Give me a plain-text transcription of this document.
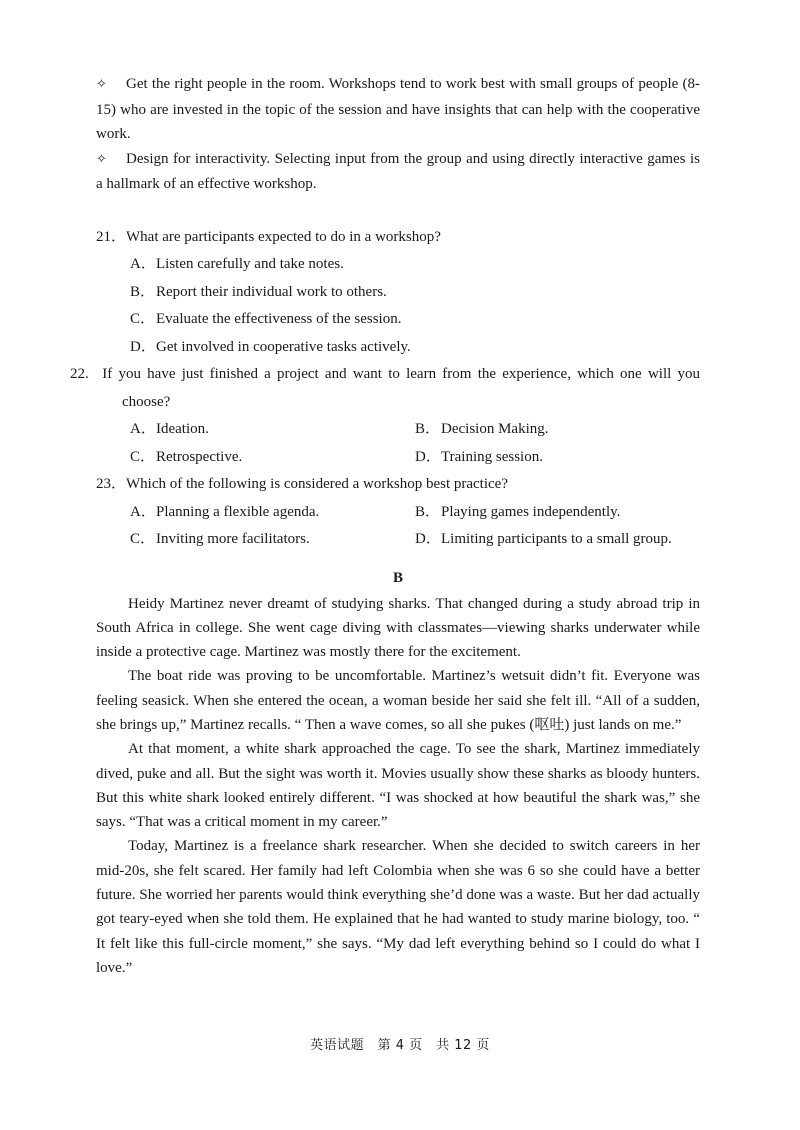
✧ Get the right people in the room. Workshops tend to work best with small groups of people (8-15) who are invested in the topic of the session and have insights that can help with the cooperative work.

✧ Design for interactivity. Selecting input from the group and using directly interactive games is a hallmark of an effective workshop.

21．What are participants expected to do in a workshop?

A．Listen carefully and take notes.
B．Report their individual work to others.
C．Evaluate the effectiveness of the session.
D．Get involved in cooperative tasks actively.

22. If you have just finished a project and want to learn from the experience, which one will you choose?

A．Ideation.	B．Decision Making.
C．Retrospective.	D．Training session.

23．Which of the following is considered a workshop best practice?

A．Planning a flexible agenda.	B．Playing games independently.
C．Inviting more facilitators.	D．Limiting participants to a small group.
B

Heidy Martinez never dreamt of studying sharks. That changed during a study abroad trip in South Africa in college. She went cage diving with classmates—viewing sharks underwater while inside a protective cage. Martinez was mostly there for the excitement.

The boat ride was proving to be uncomfortable. Martinez’s wetsuit didn’t fit. Everyone was feeling seasick. When she entered the ocean, a woman beside her said she felt ill. “All of a sudden, she brings up,” Martinez recalls. “ Then a wave comes, so all she pukes (呕吐) just lands on me.”

At that moment, a white shark approached the cage. To see the shark, Martinez immediately dived, puke and all. But the sight was worth it. Movies usually show these sharks as bloody hunters. But this white shark looked entirely different. “I was shocked at how beautiful the shark was,” she says. “That was a critical moment in my career.”

Today, Martinez is a freelance shark researcher. When she decided to switch careers in her mid-20s, she felt scared. Her family had left Colombia when she was 6 so she could have a better future. She worried her parents would think everything she’d done was a waste. But her dad actually got teary-eyed when she told them. He explained that he had wanted to study marine biology, too. “ It felt like this full-circle moment,” she says. “My dad left everything behind so I could do what I love.”

英语试题　第 4 页　共 12 页
